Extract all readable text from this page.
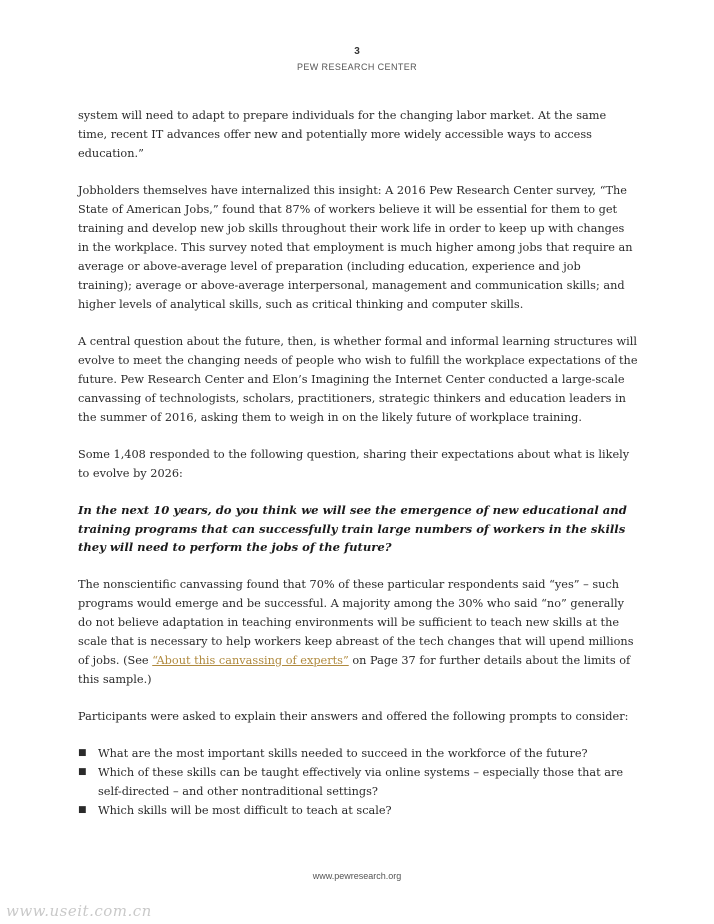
3
PEW RESEARCH CENTER

system will need to adapt to prepare individuals for the changing labor market. At the same time, recent IT advances offer new and potentially more widely accessible ways to access education.”

Jobholders themselves have internalized this insight: A 2016 Pew Research Center survey, “The State of American Jobs,” found that 87% of workers believe it will be essential for them to get training and develop new job skills throughout their work life in order to keep up with changes in the workplace. This survey noted that employment is much higher among jobs that require an average or above-average level of preparation (including education, experience and job training); average or above-average interpersonal, management and communication skills; and higher levels of analytical skills, such as critical thinking and computer skills.

A central question about the future, then, is whether formal and informal learning structures will evolve to meet the changing needs of people who wish to fulfill the workplace expectations of the future. Pew Research Center and Elon’s Imagining the Internet Center conducted a large-scale canvassing of technologists, scholars, practitioners, strategic thinkers and education leaders in the summer of 2016, asking them to weigh in on the likely future of workplace training.

Some 1,408 responded to the following question, sharing their expectations about what is likely to evolve by 2026:

In the next 10 years, do you think we will see the emergence of new educational and training programs that can successfully train large numbers of workers in the skills they will need to perform the jobs of the future?

The nonscientific canvassing found that 70% of these particular respondents said “yes” – such programs would emerge and be successful. A majority among the 30% who said “no” generally do not believe adaptation in teaching environments will be sufficient to teach new skills at the scale that is necessary to help workers keep abreast of the tech changes that will upend millions of jobs. (See “About this canvassing of experts” on Page 37 for further details about the limits of this sample.)

Participants were asked to explain their answers and offered the following prompts to consider:

■ What are the most important skills needed to succeed in the workforce of the future?
■ Which of these skills can be taught effectively via online systems – especially those that are self-directed – and other nontraditional settings?
■ Which skills will be most difficult to teach at scale?
www.pewresearch.org
www.useit.com.cn
